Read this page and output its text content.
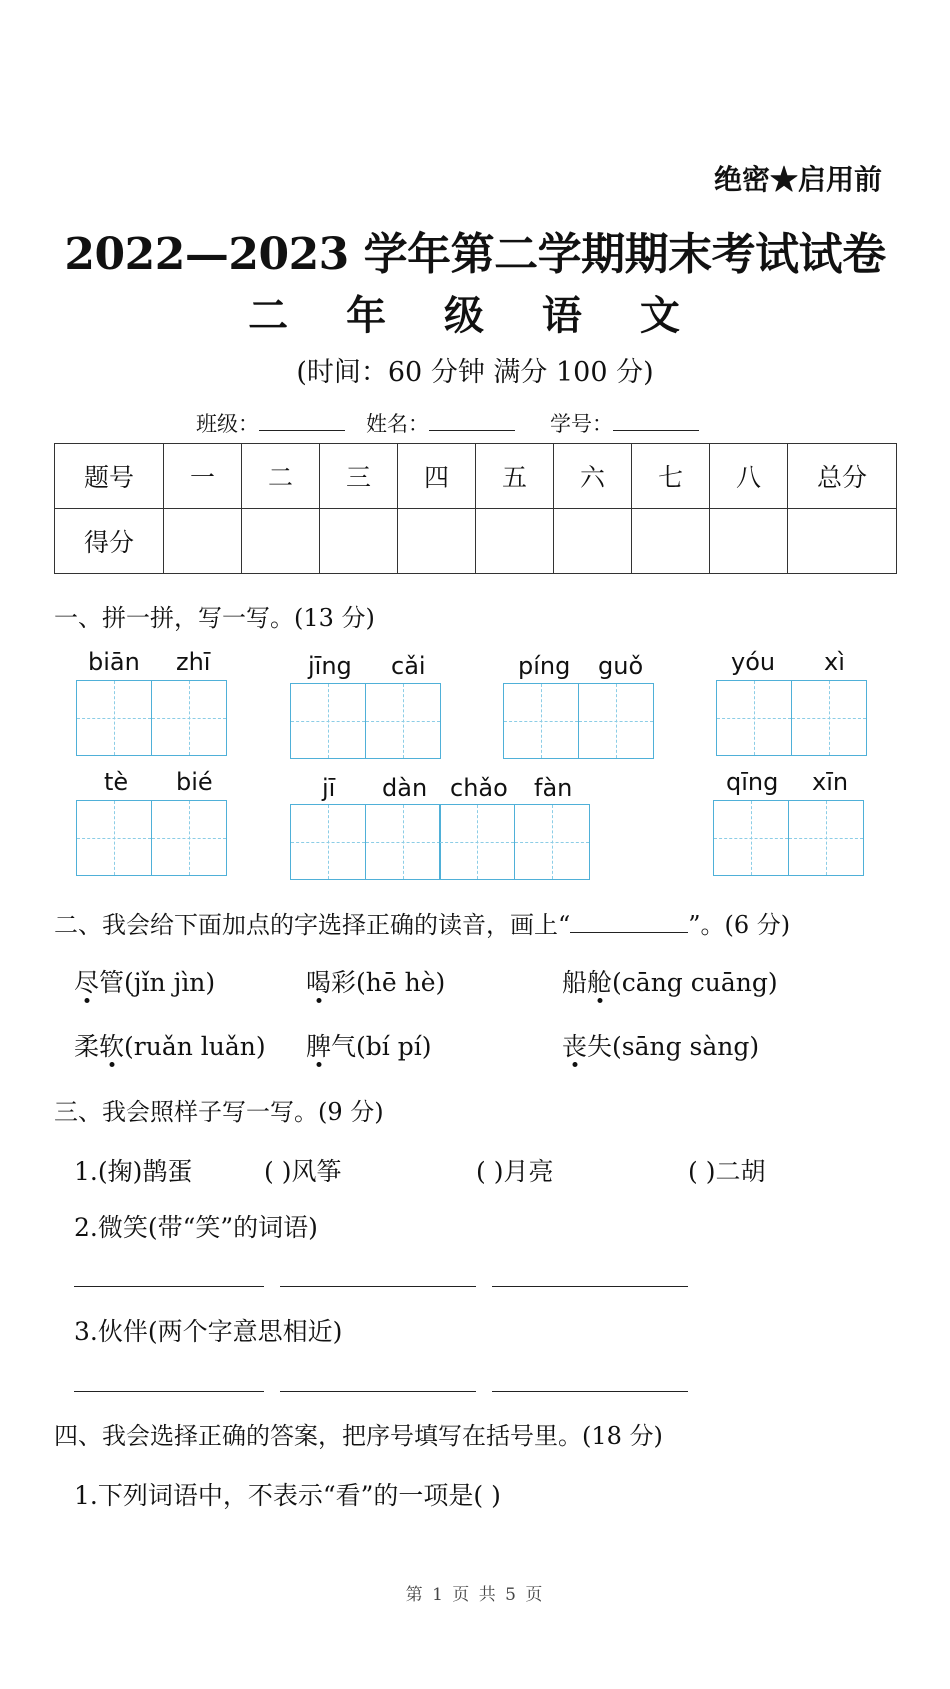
绝密★启用前
2022—2023 学年第二学期期末考试试卷
二 年 级 语 文
(时间：60 分钟 满分 100 分)
班级：	姓名：	学号：
题号	一	二	三	四	五	六	七	八	总分
得分									
一、拼一拼，写一写。(13 分)
biān zhī	jīng cǎi	píng guǒ	yóu xì
tè bié	jī dàn chǎo fàn	qīng xīn
二、我会给下面加点的字选择正确的读音，画上“	”。(6 分)
尽管(jǐn jìn)	喝彩(hē hè)	船舱(cāng cuāng)
柔软(ruǎn luǎn) 脾气(bí pí)	丧失(sāng sàng)
三、我会照样子写一写。(9 分)
1.(掬)鹊蛋	( )风筝	( )月亮	( )二胡
2.微笑(带“笑”的词语)
3.伙伴(两个字意思相近)
四、我会选择正确的答案，把序号填写在括号里。(18 分)
1.下列词语中，不表示“看”的一项是( )
第 1 页 共 5 页
